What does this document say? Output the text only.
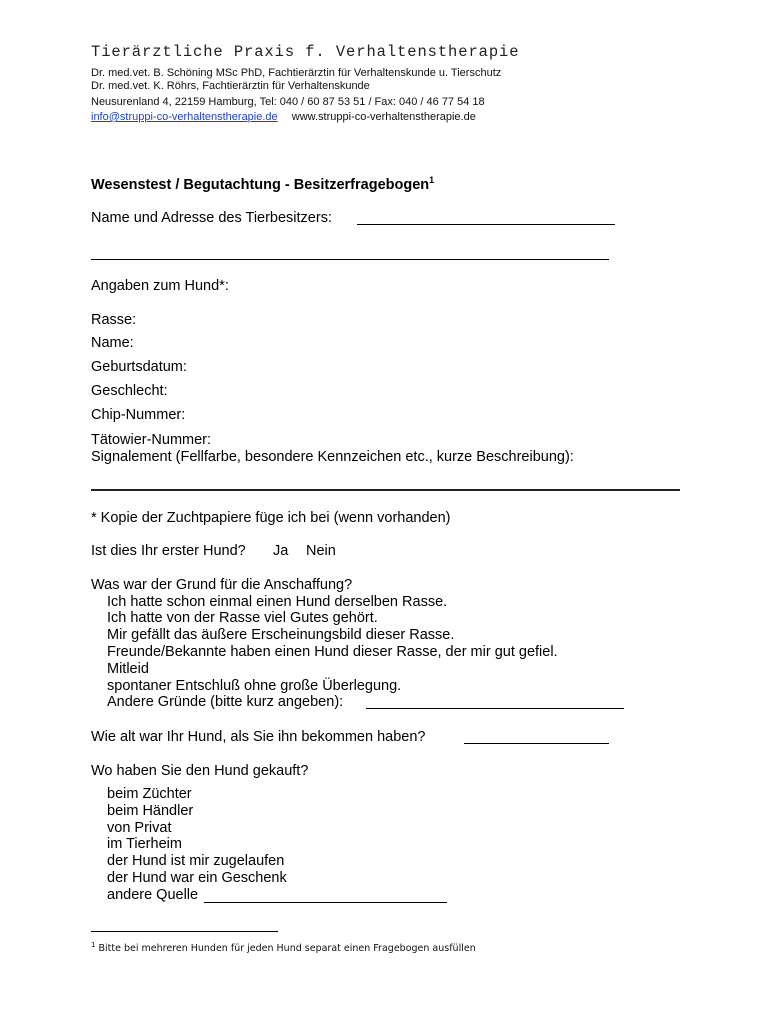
Tierärztliche Praxis f. Verhaltenstherapie
Dr. med.vet. B. Schöning MSc PhD, Fachtierärztin für Verhaltenskunde u. Tierschutz
Dr. med.vet. K. Röhrs, Fachtierärztin für Verhaltenskunde
Neusurenland 4, 22159 Hamburg, Tel: 040 / 60 87 53 51 / Fax: 040 / 46 77 54 18
info@struppi-co-verhaltenstherapie.de www.struppi-co-verhaltenstherapie.de
Wesenstest / Begutachtung - Besitzerfragebogen$^1$
Name und Adresse des Tierbesitzers:
Angaben zum Hund*:
Rasse:
Name:
Geburtsdatum:
Geschlecht:
Chip-Nummer:
Tätowier-Nummer:
Signalement (Fellfarbe, besondere Kennzeichen etc., kurze Beschreibung):
* Kopie der Zuchtpapiere füge ich bei (wenn vorhanden)
Ist dies Ihr erster Hund? Ja Nein
Was war der Grund für die Anschaffung?
Ich hatte schon einmal einen Hund derselben Rasse.
Ich hatte von der Rasse viel Gutes gehört.
Mir gefällt das äußere Erscheinungsbild dieser Rasse.
Freunde/Bekannte haben einen Hund dieser Rasse, der mir gut gefiel.
Mitleid
spontaner Entschluß ohne große Überlegung.
Andere Gründe (bitte kurz angeben):
Wie alt war Ihr Hund, als Sie ihn bekommen haben?
Wo haben Sie den Hund gekauft?
beim Züchter
beim Händler
von Privat
im Tierheim
der Hund ist mir zugelaufen
der Hund war ein Geschenk
andere Quelle
$^1$ Bitte bei mehreren Hunden für jeden Hund separat einen Fragebogen ausfüllen
